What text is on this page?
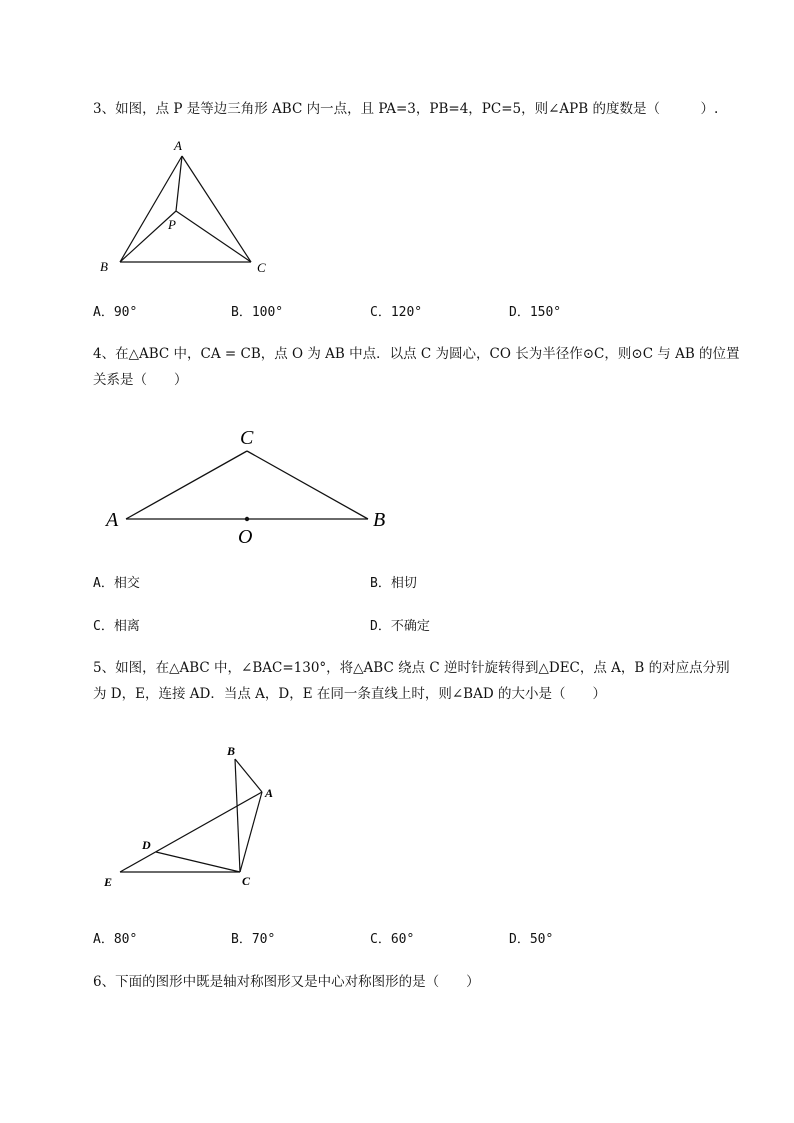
3、如图，点 P 是等边三角形 ABC 内一点，且 PA=3，PB=4，PC=5，则∠APB 的度数是（　　　）.
A
B	C
P
A．90°	B．100°	C．120°	D．150°
4、在△ABC 中，CA = CB，点 O 为 AB 中点．以点 C 为圆心，CO 长为半径作⊙C，则⊙C 与 AB 的位置
关系是（　　）
C
A	B
O
A．相交	B．相切
C．相离	D．不确定
5、如图，在△ABC 中，∠BAC=130°，将△ABC 绕点 C 逆时针旋转得到△DEC，点 A，B 的对应点分别
为 D，E，连接 AD．当点 A，D，E 在同一条直线上时，则∠BAD 的大小是（　　）
B
A
D
E	C
A．80°	B．70°	C．60°	D．50°
6、下面的图形中既是轴对称图形又是中心对称图形的是（　　）
